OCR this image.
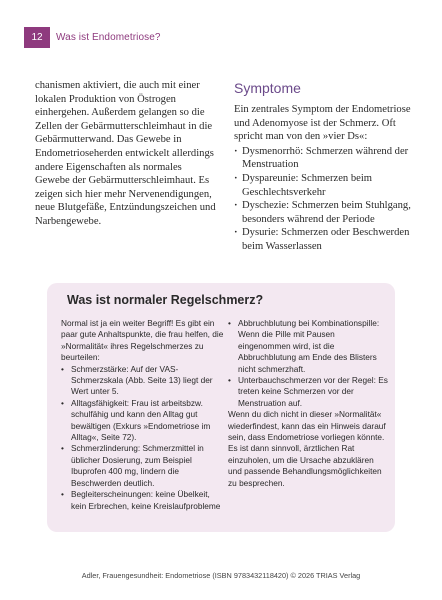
12	Was ist Endometriose?

chanismen aktiviert, die auch mit einer lokalen Produktion von Östrogen einhergehen. Außerdem gelangen so die Zellen der Gebärmutterschleimhaut in die Gebärmutterwand. Das Gewebe in Endometrioseherden entwickelt allerdings andere Eigenschaften als normales Gewebe der Gebärmutterschleimhaut. Es zeigen sich hier mehr Nervenendigungen, neue Blutgefäße, Entzündungszeichen und Narbengewebe.

Symptome

Ein zentrales Symptom der Endometriose und Adenomyose ist der Schmerz. Oft spricht man von den »vier Ds«:

· Dysmenorrhö: Schmerzen während der Menstruation
· Dyspareunie: Schmerzen beim Geschlechtsverkehr
· Dyschezie: Schmerzen beim Stuhlgang, besonders während der Periode
· Dysurie: Schmerzen oder Beschwerden beim Wasserlassen
Was ist normaler Regelschmerz?

Normal ist ja ein weiter Begriff! Es gibt ein paar gute Anhaltspunkte, die frau helfen, die »Normalität« ihres Regelschmerzes zu beurteilen:

• Schmerzstärke: Auf der VAS-Schmerzskala (Abb. Seite 13) liegt der Wert unter 5.
• Alltagsfähigkeit: Frau ist arbeitsbzw. schulfähig und kann den Alltag gut bewältigen (Exkurs »Endometriose im Alltag«, Seite 72).
• Schmerzlinderung: Schmerzmittel in üblicher Dosierung, zum Beispiel Ibuprofen 400 mg, lindern die Beschwerden deutlich.
• Begleiterscheinungen: keine Übelkeit, kein Erbrechen, keine Kreislaufprobleme
• Abbruchblutung bei Kombinationspille: Wenn die Pille mit Pausen eingenommen wird, ist die Abbruchblutung am Ende des Blisters nicht schmerzhaft.
• Unterbauchschmerzen vor der Regel: Es treten keine Schmerzen vor der Menstruation auf.

Wenn du dich nicht in dieser »Normalität« wiederfindest, kann das ein Hinweis darauf sein, dass Endometriose vorliegen könnte. Es ist dann sinnvoll, ärztlichen Rat einzuholen, um die Ursache abzuklären und passende Behandlungsmöglichkeiten zu besprechen.

Adler, Frauengesundheit: Endometriose (ISBN 9783432118420) © 2026 TRIAS Verlag
